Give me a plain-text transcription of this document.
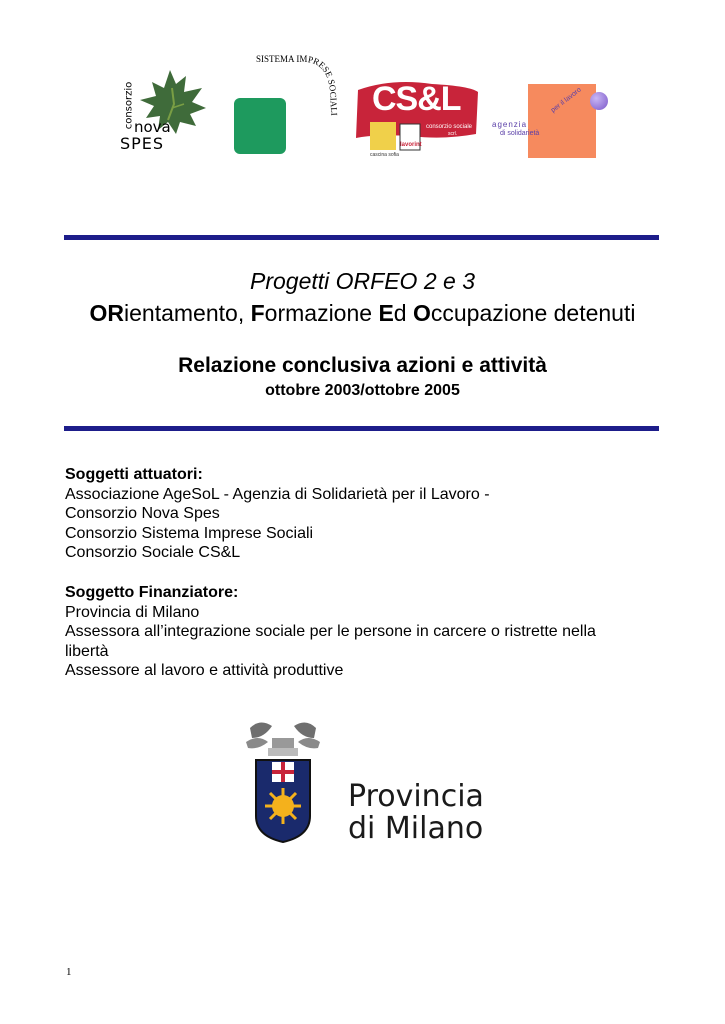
consorzio nova
SPES
SISTEMA IMPRESE SOCIALI CS&L
consorzio sociale
scrl.
cascina sofia
lavorint
agenzia
di solidarietà
per il lavoro
Progetti ORFEO 2 e 3
ORientamento, Formazione Ed Occupazione detenuti
Relazione conclusiva azioni e attività
ottobre 2003/ottobre 2005
Soggetti attuatori:
Associazione AgeSoL - Agenzia di Solidarietà per il Lavoro -
Consorzio Nova Spes
Consorzio Sistema Imprese Sociali
Consorzio Sociale CS&L
Soggetto Finanziatore:
Provincia di Milano
Assessora all’integrazione sociale per le persone in carcere o ristrette nella
libertà
Assessore al lavoro e attività produttive
Provincia
di Milano
1
